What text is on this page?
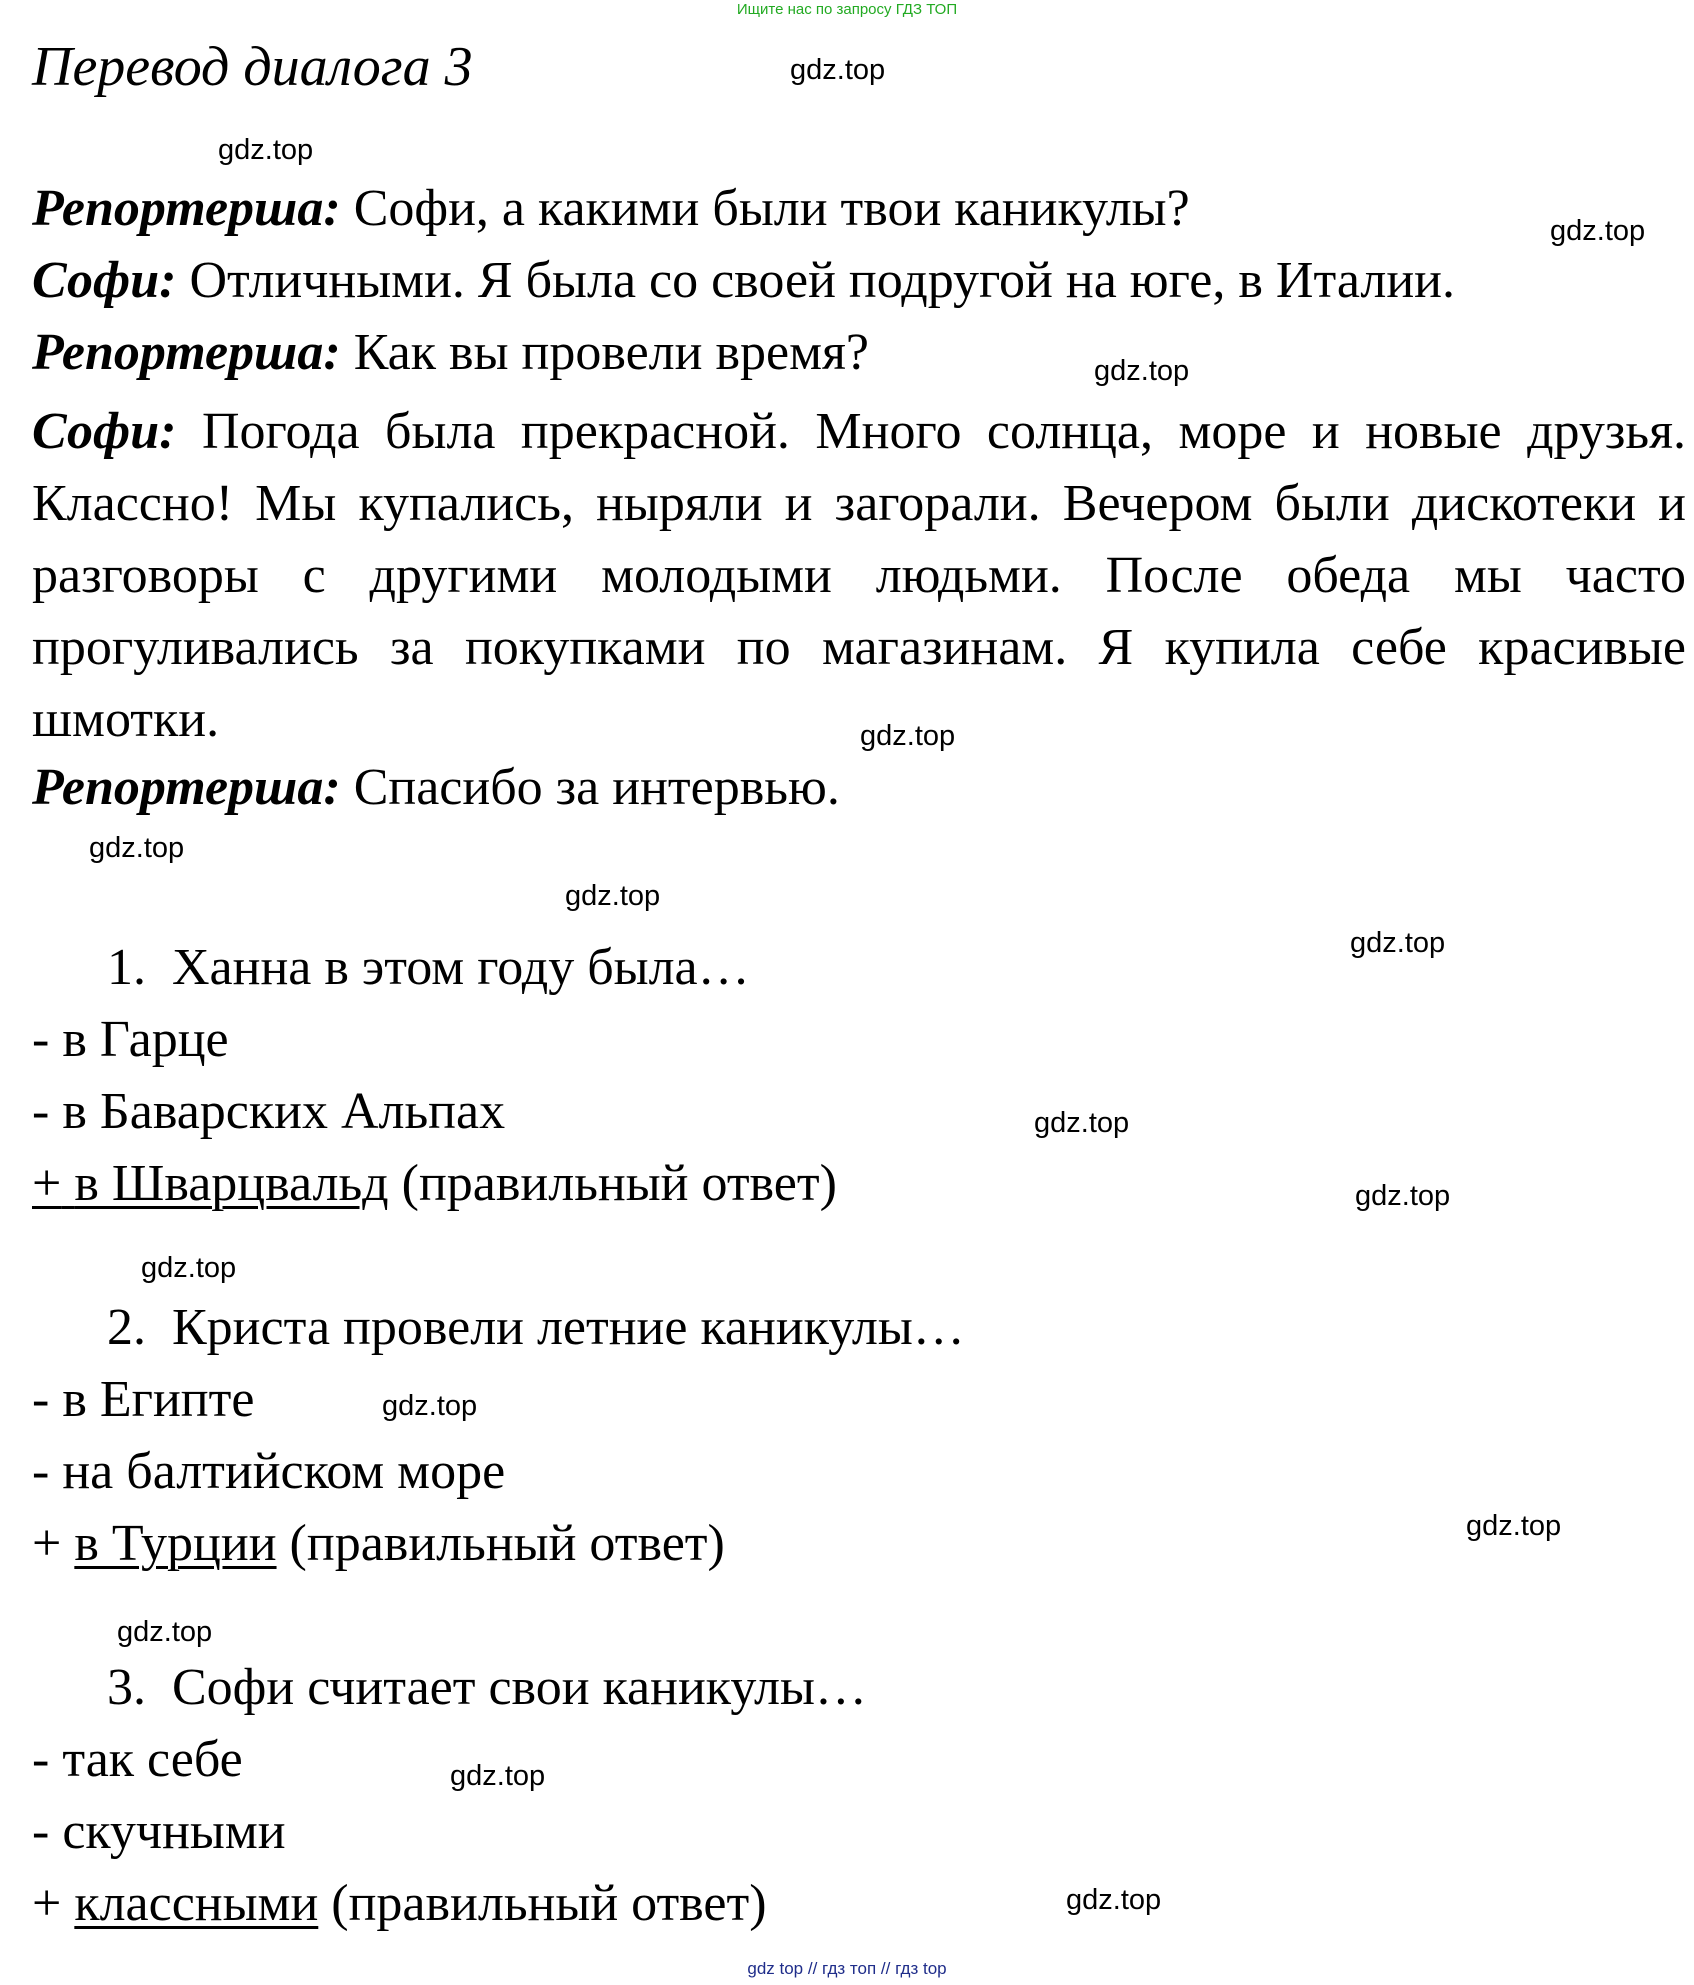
Ищите нас по запросу ГДЗ ТОП
Перевод диалога 3
Репортерша: Софи, а какими были твои каникулы?
Софи: Отличными. Я была со своей подругой на юге, в Италии.
Репортерша: Как вы провели время?
Софи: Погода была прекрасной. Много солнца, море и новые друзья. Классно! Мы купались, ныряли и загорали. Вечером были дискотеки и разговоры с другими молодыми людьми. После обеда мы часто прогуливались за покупками по магазинам. Я купила себе красивые шмотки.
Репортерша: Спасибо за интервью.
1. Ханна в этом году была…
- в Гарце
- в Баварских Альпах
+ в Шварцвальд (правильный ответ)
2. Криста провели летние каникулы…
- в Египте
- на балтийском море
+ в Турции (правильный ответ)
3. Софи считает свои каникулы…
- так себе
- скучными
+ классными (правильный ответ)
gdz.top
gdz.top
gdz.top
gdz.top
gdz.top
gdz.top
gdz.top
gdz.top
gdz.top
gdz.top
gdz.top
gdz.top
gdz.top
gdz.top
gdz.top
gdz.top
gdz top // гдз топ // гдз top
